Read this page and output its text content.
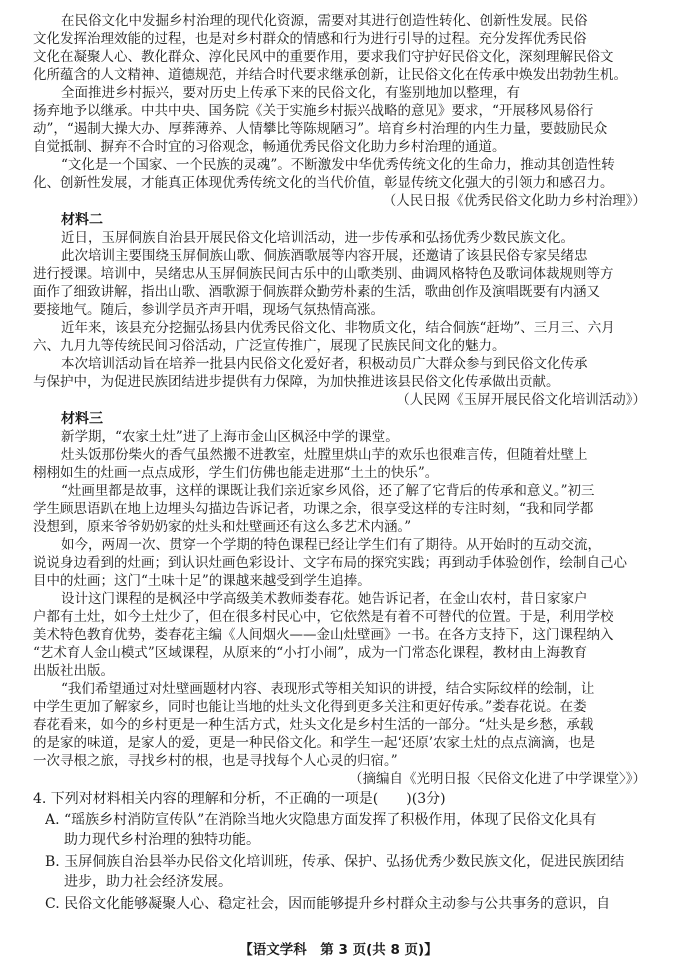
在民俗文化中发掘乡村治理的现代化资源，需要对其进行创造性转化、创新性发展。民俗

文化发挥治理效能的过程，也是对乡村群众的情感和行为进行引导的过程。充分发挥优秀民俗

文化在凝聚人心、教化群众、淳化民风中的重要作用，要求我们守护好民俗文化，深刻理解民俗文

化所蕴含的人文精神、道德规范，并结合时代要求继承创新，让民俗文化在传承中焕发出勃勃生机。

全面推进乡村振兴，要对历史上传承下来的民俗文化，有鉴别地加以整理，有

扬弃地予以继承。中共中央、国务院《关于实施乡村振兴战略的意见》要求，“开展移风易俗行

动”，“遏制大操大办、厚葬薄养、人情攀比等陈规陋习”。培育乡村治理的内生力量，要鼓励民众

自觉抵制、摒弃不合时宜的习俗观念，畅通优秀民俗文化助力乡村治理的通道。

“文化是一个国家、一个民族的灵魂”。不断激发中华优秀传统文化的生命力，推动其创造性转

化、创新性发展，才能真正体现优秀传统文化的当代价值，彰显传统文化强大的引领力和感召力。

（人民日报《优秀民俗文化助力乡村治理》）

材料二

近日，玉屏侗族自治县开展民俗文化培训活动，进一步传承和弘扬优秀少数民族文化。

此次培训主要围绕玉屏侗族山歌、侗族酒歌展等内容开展，还邀请了该县民俗专家吴绪忠

进行授课。培训中，吴绪忠从玉屏侗族民间古乐中的山歌类别、曲调风格特色及歌词体裁规则等方

面作了细致讲解，指出山歌、酒歌源于侗族群众勤劳朴素的生活，歌曲创作及演唱既要有内涵又

要接地气。随后，参训学员齐声开唱，现场气氛热情高涨。

近年来，该县充分挖掘弘扬县内优秀民俗文化、非物质文化，结合侗族“赶坳”、三月三、六月

六、九月九等传统民间习俗活动，广泛宣传推广，展现了民族民间文化的魅力。

本次培训活动旨在培养一批县内民俗文化爱好者，积极动员广大群众参与到民俗文化传承

与保护中，为促进民族团结进步提供有力保障，为加快推进该县民俗文化传承做出贡献。

（人民网《玉屏开展民俗文化培训活动》）

材料三

新学期，“农家土灶”进了上海市金山区枫泾中学的课堂。

灶头饭那份柴火的香气虽然搬不进教室，灶膛里烘山芋的欢乐也很难言传，但随着灶壁上

栩栩如生的灶画一点点成形，学生们仿佛也能走进那“土土的快乐”。

“灶画里都是故事，这样的课既让我们亲近家乡风俗，还了解了它背后的传承和意义。”初三

学生顾思语趴在地上边埋头勾描边告诉记者，功课之余，很享受这样的专注时刻，“我和同学都

没想到，原来爷爷奶奶家的灶头和灶壁画还有这么多艺术内涵。”

如今，两周一次、贯穿一个学期的特色课程已经让学生们有了期待。从开始时的互动交流，

说说身边看到的灶画；到认识灶画色彩设计、文字布局的探究实践；再到动手体验创作，绘制自己心

目中的灶画；这门“土味十足”的课越来越受到学生追捧。

设计这门课程的是枫泾中学高级美术教师娄春花。她告诉记者，在金山农村，昔日家家户

户都有土灶，如今土灶少了，但在很多村民心中，它依然是有着不可替代的位置。于是，利用学校

美术特色教育优势，娄春花主编《人间烟火——金山灶壁画》一书。在各方支持下，这门课程纳入

“艺术育人金山模式”区域课程，从原来的“小打小闹”，成为一门常态化课程，教材由上海教育

出版社出版。

“我们希望通过对灶壁画题材内容、表现形式等相关知识的讲授，结合实际纹样的绘制，让

中学生更加了解家乡，同时也能让当地的灶头文化得到更多关注和更好传承。”娄春花说。在娄

春花看来，如今的乡村更是一种生活方式，灶头文化是乡村生活的一部分。“灶头是乡愁，承载

的是家的味道，是家人的爱，更是一种民俗文化。和学生一起‘还原’农家土灶的点点滴滴，也是

一次寻根之旅，寻找乡村的根，也是寻找每个人心灵的归宿。”

（摘编自《光明日报〈民俗文化进了中学课堂〉》）

4. 下列对材料相关内容的理解和分析，不正确的一项是(　　)(3分)

A. “瑶族乡村消防宣传队”在消除当地火灾隐患方面发挥了积极作用，体现了民俗文化具有

助力现代乡村治理的独特功能。

B. 玉屏侗族自治县举办民俗文化培训班，传承、保护、弘扬优秀少数民族文化，促进民族团结

进步，助力社会经济发展。

C. 民俗文化能够凝聚人心、稳定社会，因而能够提升乡村群众主动参与公共事务的意识，自

【语文学科　第 3 页(共 8 页)】
